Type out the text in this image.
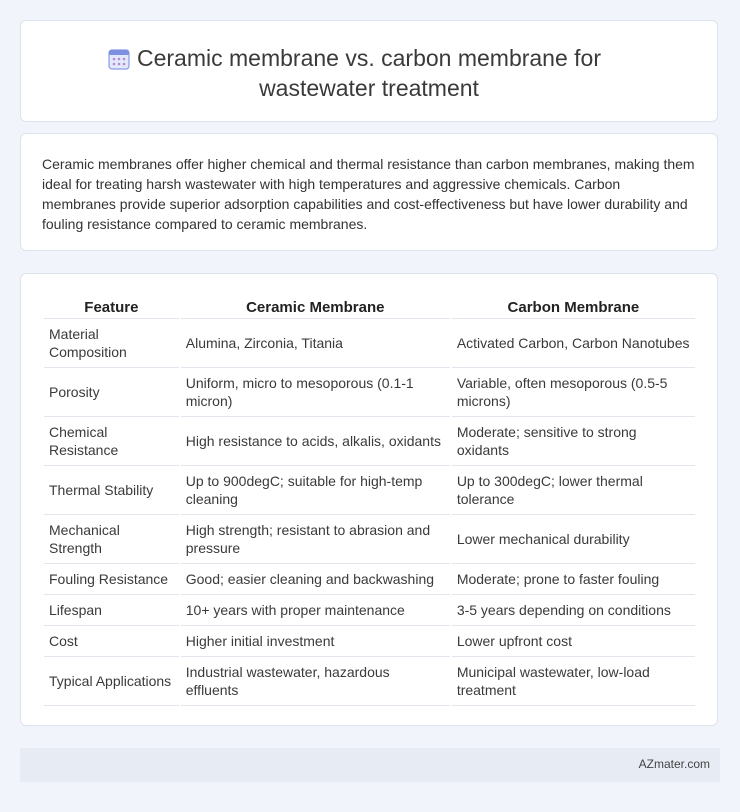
Ceramic membrane vs. carbon membrane for
wastewater treatment

Ceramic membranes offer higher chemical and thermal resistance than carbon membranes, making them ideal for treating harsh wastewater with high temperatures and aggressive chemicals. Carbon membranes provide superior adsorption capabilities and cost-effectiveness but have lower durability and fouling resistance compared to ceramic membranes.

Feature	Ceramic Membrane	Carbon Membrane
Material Composition	Alumina, Zirconia, Titania	Activated Carbon, Carbon Nanotubes
Porosity	Uniform, micro to mesoporous (0.1-1 micron)	Variable, often mesoporous (0.5-5 microns)
Chemical Resistance	High resistance to acids, alkalis, oxidants	Moderate; sensitive to strong oxidants
Thermal Stability	Up to 900degC; suitable for high-temp cleaning	Up to 300degC; lower thermal tolerance
Mechanical Strength	High strength; resistant to abrasion and pressure	Lower mechanical durability
Fouling Resistance	Good; easier cleaning and backwashing	Moderate; prone to faster fouling
Lifespan	10+ years with proper maintenance	3-5 years depending on conditions
Cost	Higher initial investment	Lower upfront cost
Typical Applications	Industrial wastewater, hazardous effluents	Municipal wastewater, low-load treatment
AZmater.com
